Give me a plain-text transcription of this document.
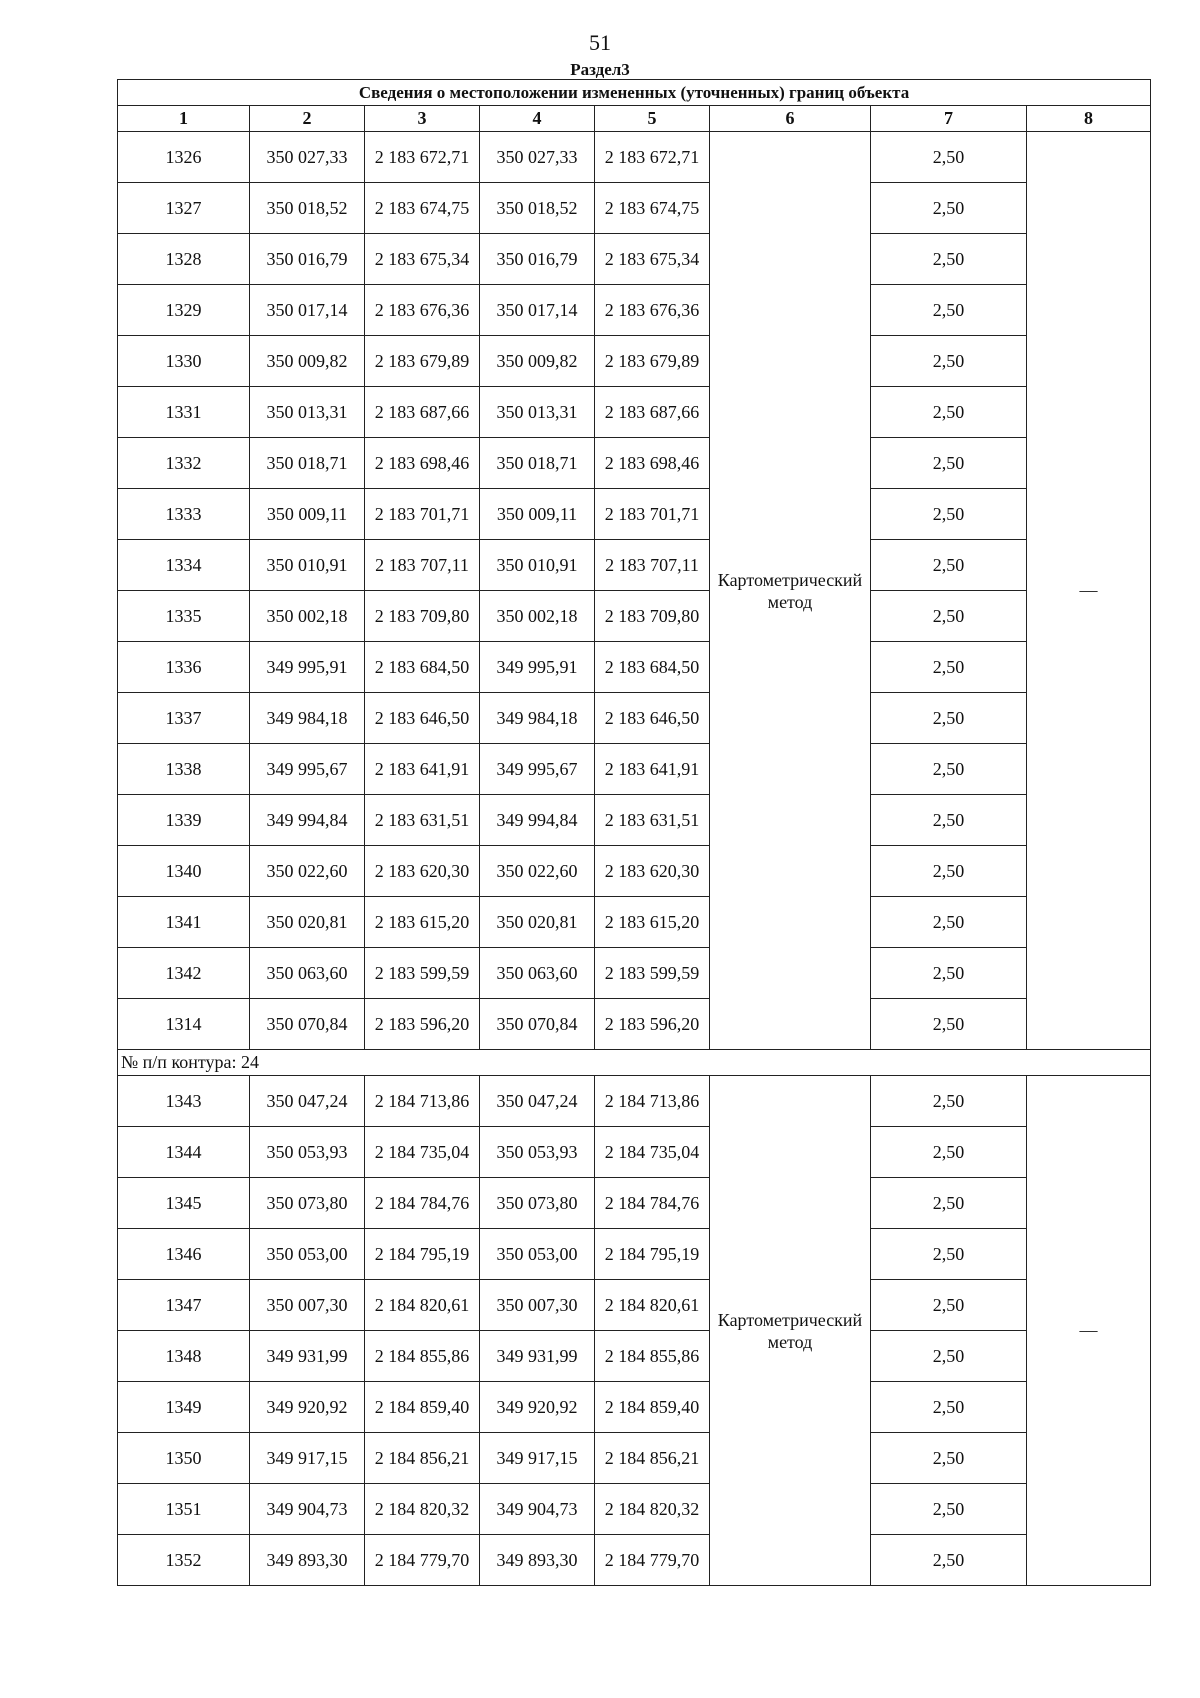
51
Раздел3
Сведения о местоположении измененных (уточненных) границ объекта							
1	2	3	4	5	6	7	8
1326	350 027,33	2 183 672,71	350 027,33	2 183 672,71	Картометрический метод	2,50	—
1327	350 018,52	2 183 674,75	350 018,52	2 183 674,75		2,50	
1328	350 016,79	2 183 675,34	350 016,79	2 183 675,34		2,50	
1329	350 017,14	2 183 676,36	350 017,14	2 183 676,36		2,50	
1330	350 009,82	2 183 679,89	350 009,82	2 183 679,89		2,50	
1331	350 013,31	2 183 687,66	350 013,31	2 183 687,66		2,50	
1332	350 018,71	2 183 698,46	350 018,71	2 183 698,46		2,50	
1333	350 009,11	2 183 701,71	350 009,11	2 183 701,71		2,50	
1334	350 010,91	2 183 707,11	350 010,91	2 183 707,11		2,50	
1335	350 002,18	2 183 709,80	350 002,18	2 183 709,80		2,50	
1336	349 995,91	2 183 684,50	349 995,91	2 183 684,50		2,50	
1337	349 984,18	2 183 646,50	349 984,18	2 183 646,50		2,50	
1338	349 995,67	2 183 641,91	349 995,67	2 183 641,91		2,50	
1339	349 994,84	2 183 631,51	349 994,84	2 183 631,51		2,50	
1340	350 022,60	2 183 620,30	350 022,60	2 183 620,30		2,50	
1341	350 020,81	2 183 615,20	350 020,81	2 183 615,20		2,50	
1342	350 063,60	2 183 599,59	350 063,60	2 183 599,59		2,50	
1314	350 070,84	2 183 596,20	350 070,84	2 183 596,20		2,50	
№ п/п контура: 24							
1343	350 047,24	2 184 713,86	350 047,24	2 184 713,86	Картометрический метод	2,50	—
1344	350 053,93	2 184 735,04	350 053,93	2 184 735,04		2,50	
1345	350 073,80	2 184 784,76	350 073,80	2 184 784,76		2,50	
1346	350 053,00	2 184 795,19	350 053,00	2 184 795,19		2,50	
1347	350 007,30	2 184 820,61	350 007,30	2 184 820,61		2,50	
1348	349 931,99	2 184 855,86	349 931,99	2 184 855,86		2,50	
1349	349 920,92	2 184 859,40	349 920,92	2 184 859,40		2,50	
1350	349 917,15	2 184 856,21	349 917,15	2 184 856,21		2,50	
1351	349 904,73	2 184 820,32	349 904,73	2 184 820,32		2,50	
1352	349 893,30	2 184 779,70	349 893,30	2 184 779,70		2,50	
